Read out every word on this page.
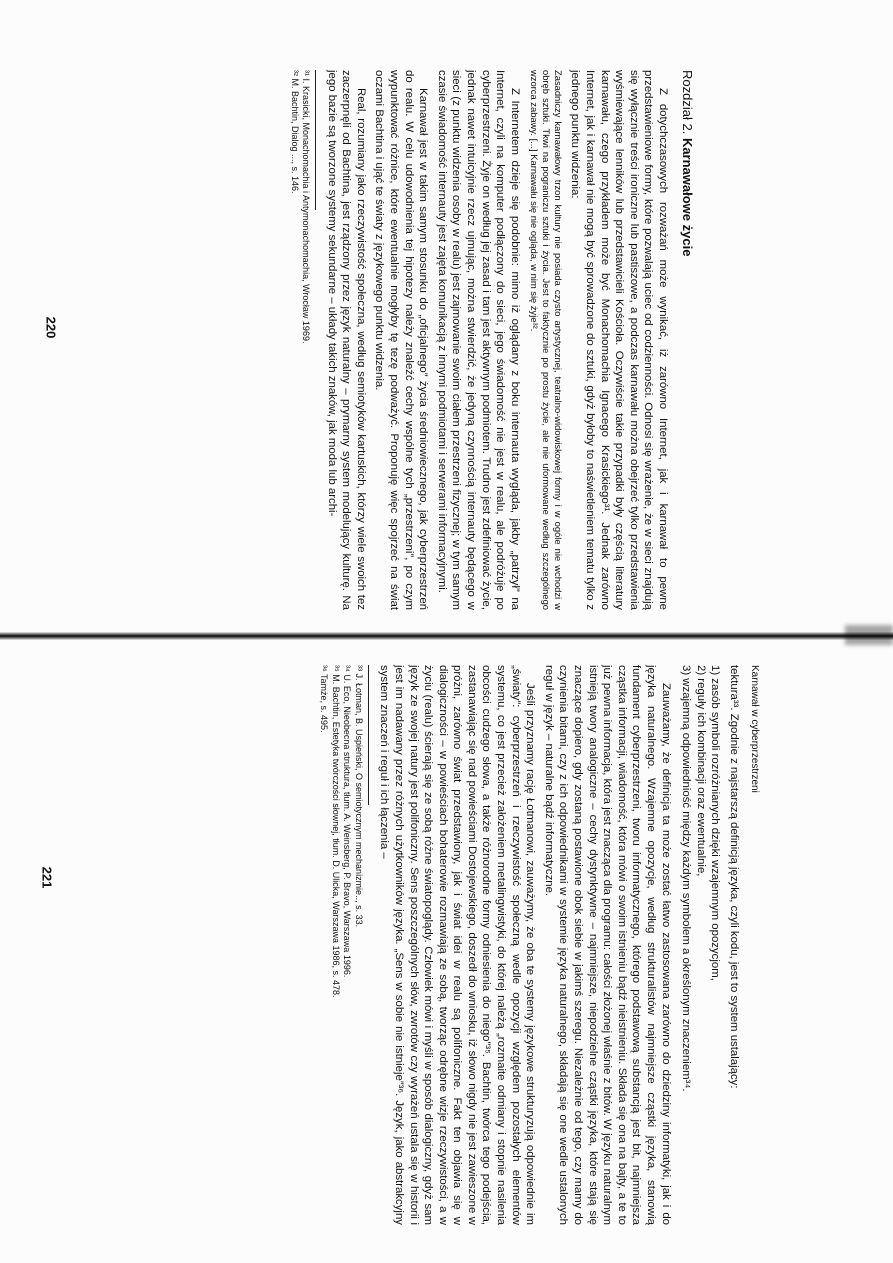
Rozdział 2. Karnawałowe życie

Z dotychczasowych rozważań może wynikać, iż zarówno Internet, jak i karnawał to pewne przedstawieniowe formy, które pozwalają uciec od codzienności. Odnosi się wrażenie, że w sieci znajdują się wyłącznie treści ironiczne lub pastiszowe, a podczas karnawału można obejrzeć tylko przedstawienia wyśmiewające lenników lub przedstawicieli Kościoła. Oczywiście takie przypadki były częścią literatury karnawału, czego przykładem może być Monachomachia Ignacego Krasickiego³¹. Jednak zarówno Internet, jak i karnawał nie mogą być sprowadzone do sztuki, gdyż byłoby to naświetleniem tematu tylko z jednego punktu widzenia:

Zasadniczy karnawałowy trzon kultury nie posiada czysto artystycznej, teatralno-widowiskowej formy i w ogóle nie wchodzi w obręb sztuki. Tkwi na pograniczu sztuki i życia. Jest to faktycznie po prostu życie, ale nie uformowane według szczególnego wzorca zabawy. [...] Karnawału się nie ogląda, w nim się żyje³².

Z Internetem dzieje się podobnie: mimo iż oglądany z boku internauta wygląda, jakby „patrzył” na Internet, czyli na komputer podłączony do sieci, jego świadomość nie jest w realu, ale podróżuje po cyberprzestrzeni. Żyje on według jej zasad i tam jest aktywnym podmiotem. Trudno jest zdefiniować życie, jednak nawet intuicyjnie rzecz ujmując, można stwierdzić, że jedyną czynnością internauty będącego w sieci (z punktu widzenia osoby w realu) jest zajmowanie swoim ciałem przestrzeni fizycznej; w tym samym czasie świadomość internauty jest zajęta komunikacją z innymi podmiotami i serwerami informacyjnymi.

Karnawał jest w takim samym stosunku do „oficjalnego” życia średniowiecznego, jak cyberprzestrzeń do realu. W celu udowodnienia tej hipotezy należy znaleźć cechy wspólne tych „przestrzeni”, po czym wypunktować różnice, które ewentualnie mogłyby tę tezę podważyć. Proponuję więc spojrzeć na świat oczami Bachtina i ująć te światy z językowego punktu widzenia.

Real, rozumiany jako rzeczywistość społeczna, według semiotyków kartuskich, którzy wiele swoich tez zaczerpnęli od Bachtina, jest rządzony przez język naturalny – prymarny system modelujący kulturę. Na jego bazie są tworzone systemy sekundarne – układy takich znaków, jak moda lub archi-

³¹ I. Krasicki, Monachomachia i Antymonachomachia, Wrocław 1969.
³² M. Bachtin, Dialog ..., s. 146.
220
Karnawał w cyberprzestrzeni

tektura³³. Zgodnie z najstarszą definicją języka, czyli kodu, jest to system ustalający:

1) zasób symboli rozróżnianych dzięki wzajemnym opozycjom,
2) reguły ich kombinacji oraz ewentualnie,
3) wzajemną odpowiedniość między każdym symbolem a określonym znaczeniem³⁴.

Zauważamy, że definicja ta może zostać łatwo zastosowana zarówno do dziedziny informatyki, jak i do języka naturalnego. Wzajemne opozycje, według strukturalistów najmniejsze cząstki języka, stanowią fundament cyberprzestrzeni, tworu informatycznego, którego podstawową substancją jest bit, najmniejsza cząstka informacji, wiadomość, która mówi o swoim istnieniu bądź nieistnieniu. Składa się ona na bajty, a te to już pewna informacja, która jest znacząca dla programu: całości złożonej właśnie z bitów. W języku naturalnym istnieją twory analogiczne – cechy dystynktywne – najmniejsze, niepodzielne cząstki języka, które stają się znaczące dopiero, gdy zostaną postawione obok siebie w jakimś szeregu. Niezależnie od tego, czy mamy do czynienia bitami, czy z ich odpowiednikami w systemie języka naturalnego, składają się one wedle ustalonych reguł w język – naturalne bądź informatyczne.

Jeśli przyznamy rację Łotmanowi, zauważymy, że oba te systemy językowe strukturyzują odpowiednie im „światy”: cyberprzestrzeń i rzeczywistość społeczną wedle opozycji względem pozostałych elementów systemu, co jest przecież założeniem metalingwistyki, do której należą „rozmaite odmiany i stopnie nasilenia obcości cudzego słowa, a także różnorodne formy odniesienia do niego”³⁵. Bachtin, twórca tego podejścia, zastanawiając się nad powieściami Dostojewskiego, doszedł do wniosku, iż słowo nigdy nie jest zawieszone w próżni, zarówno świat przedstawiony, jak i świat idei w realu są polifoniczne. Fakt ten objawia się w dialogiczności – w powieściach bohaterowie rozmawiają ze sobą, tworząc odrębne wizje rzeczywistości, a w życiu (realu) ścierają się ze sobą różne światopoglądy. Człowiek mówi i myśli w sposób dialogiczny, gdyż sam język ze swojej natury jest polifoniczny. Sens poszczególnych słów, zwrotów czy wyrażeń ustala się w historii i jest im nadawany przez różnych użytkowników języka. „Sens w sobie nie istnieje”³⁶. Język, jako abstrakcyjny system znaczeń i reguł i ich łączenia –

³³ J. Łotman, B. Uspieński, O semiotycznym mechanizmie.., s. 33.
³⁴ U. Eco, Nieobecna struktura, tłum. A. Weinsberg, P. Bravo, Warszawa 1996.
³⁵ M. Bachtin, Estetyka twórczości słownej, tłum. D. Ulicka, Warszawa 1986, s. 478.
³⁶ Tamże, s. 495.
221
